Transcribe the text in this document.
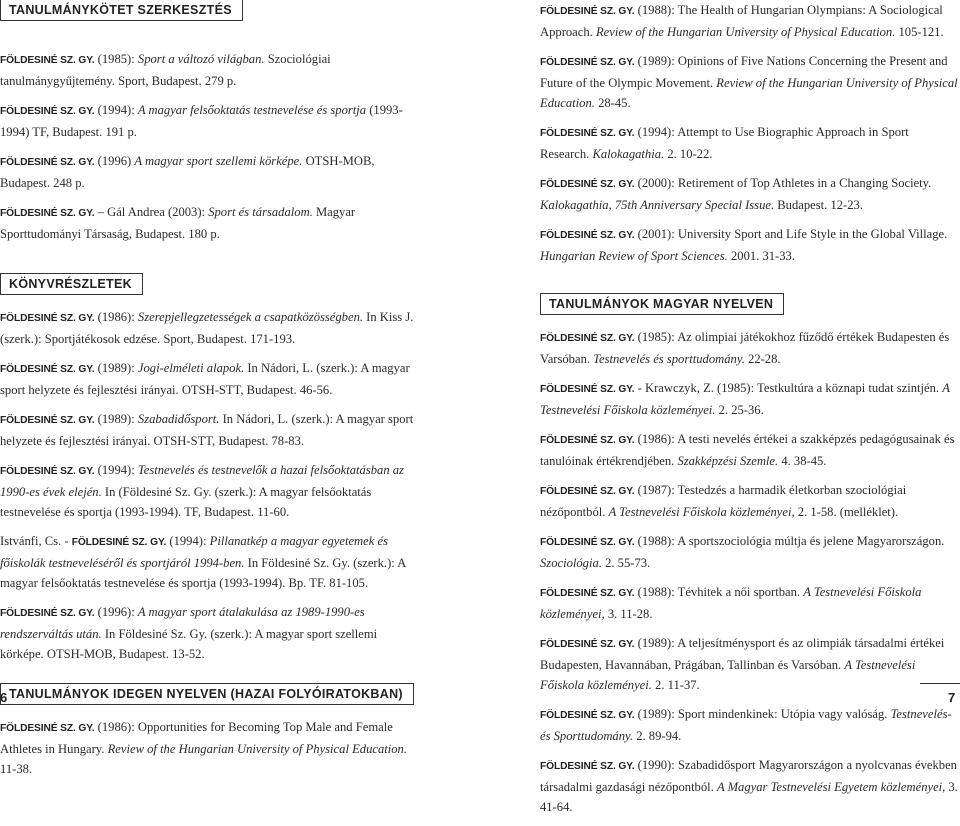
TANULMÁNYKÖTET SZERKESZTÉS

FÖLDESINÉ SZ. GY. (1985): Sport a változó világban. Szociológiai tanulmánygyűjtemény. Sport, Budapest. 279 p.

FÖLDESINÉ SZ. GY. (1994): A magyar felsőoktatás testnevelése és sportja (1993-1994) TF, Budapest. 191 p.

FÖLDESINÉ SZ. GY. (1996) A magyar sport szellemi körképe. OTSH-MOB, Budapest. 248 p.

FÖLDESINÉ SZ. GY. – Gál Andrea (2003): Sport és társadalom. Magyar Sporttudományi Társaság, Budapest. 180 p.

KÖNYVRÉSZLETEK

FÖLDESINÉ SZ. GY. (1986): Szerepjellegzetességek a csapatközösségben. In Kiss J. (szerk.): Sportjátékosok edzése. Sport, Budapest. 171-193.

FÖLDESINÉ SZ. GY. (1989): Jogi-elméleti alapok. In Nádori, L. (szerk.): A magyar sport helyzete és fejlesztési irányai. OTSH-STT, Budapest. 46-56.

FÖLDESINÉ SZ. GY. (1989): Szabadidősport. In Nádori, L. (szerk.): A magyar sport helyzete és fejlesztési irányai. OTSH-STT, Budapest. 78-83.

FÖLDESINÉ SZ. GY. (1994): Testnevelés és testnevelők a hazai felsőoktatásban az 1990-es évek elején. In (Földesiné Sz. Gy. (szerk.): A magyar felsőoktatás testnevelése és sportja (1993-1994). TF, Budapest. 11-60.

Istvánfi, Cs. - FÖLDESINÉ SZ. GY. (1994): Pillanatkép a magyar egyetemek és főiskolák testneveléséről és sportjáról 1994-ben. In Földesiné Sz. Gy. (szerk.): A magyar felsőoktatás testnevelése és sportja (1993-1994). Bp. TF. 81-105.

FÖLDESINÉ SZ. GY. (1996): A magyar sport átalakulása az 1989-1990-es rendszerváltás után. In Földesiné Sz. Gy. (szerk.): A magyar sport szellemi körképe. OTSH-MOB, Budapest. 13-52.

TANULMÁNYOK IDEGEN NYELVEN (HAZAI FOLYÓIRATOKBAN)

FÖLDESINÉ SZ. GY. (1986): Opportunities for Becoming Top Male and Female Athletes in Hungary. Review of the Hungarian University of Physical Education. 11-38.

FÖLDESINÉ SZ. GY. (1988): The Health of Hungarian Olympians: A Sociological Approach. Review of the Hungarian University of Physical Education. 105-121.

FÖLDESINÉ SZ. GY. (1989): Opinions of Five Nations Concerning the Present and Future of the Olympic Movement. Review of the Hungarian University of Physical Education. 28-45.

FÖLDESINÉ SZ. GY. (1994): Attempt to Use Biographic Approach in Sport Research. Kalokagathia. 2. 10-22.

FÖLDESINÉ SZ. GY. (2000): Retirement of Top Athletes in a Changing Society. Kalokagathia, 75th Anniversary Special Issue. Budapest. 12-23.

FÖLDESINÉ SZ. GY. (2001): University Sport and Life Style in the Global Village. Hungarian Review of Sport Sciences. 2001. 31-33.

TANULMÁNYOK MAGYAR NYELVEN

FÖLDESINÉ SZ. GY. (1985): Az olimpiai játékokhoz fűződő értékek Budapesten és Varsóban. Testnevelés és sporttudomány. 22-28.

FÖLDESINÉ SZ. GY. - Krawczyk, Z. (1985): Testkultúra a köznapi tudat szintjén. A Testnevelési Főiskola közleményei. 2. 25-36.

FÖLDESINÉ SZ. GY. (1986): A testi nevelés értékei a szakképzés pedagógusainak és tanulóinak értékrendjében. Szakképzési Szemle. 4. 38-45.

FÖLDESINÉ SZ. GY. (1987): Testedzés a harmadik életkorban szociológiai nézőpontból. A Testnevelési Főiskola közleményei, 2. 1-58. (melléklet).

FÖLDESINÉ SZ. GY. (1988): A sportszociológia múltja és jelene Magyarországon. Szociológia. 2. 55-73.

FÖLDESINÉ SZ. GY. (1988): Tévhitek a női sportban. A Testnevelési Főiskola közleményei, 3. 11-28.

FÖLDESINÉ SZ. GY. (1989): A teljesítménysport és az olimpiák társadalmi értékei Budapesten, Havannában, Prágában, Tallinban és Varsóban. A Testnevelési Főiskola közleményei. 2. 11-37.

FÖLDESINÉ SZ. GY. (1989): Sport mindenkinek: Utópia vagy valóság. Testnevelés- és Sporttudomány. 2. 89-94.

FÖLDESINÉ SZ. GY. (1990): Szabadidősport Magyarországon a nyolcvanas években társadalmi gazdasági nézőpontból. A Magyar Testnevelési Egyetem közleményei, 3. 41-64.

6	7
